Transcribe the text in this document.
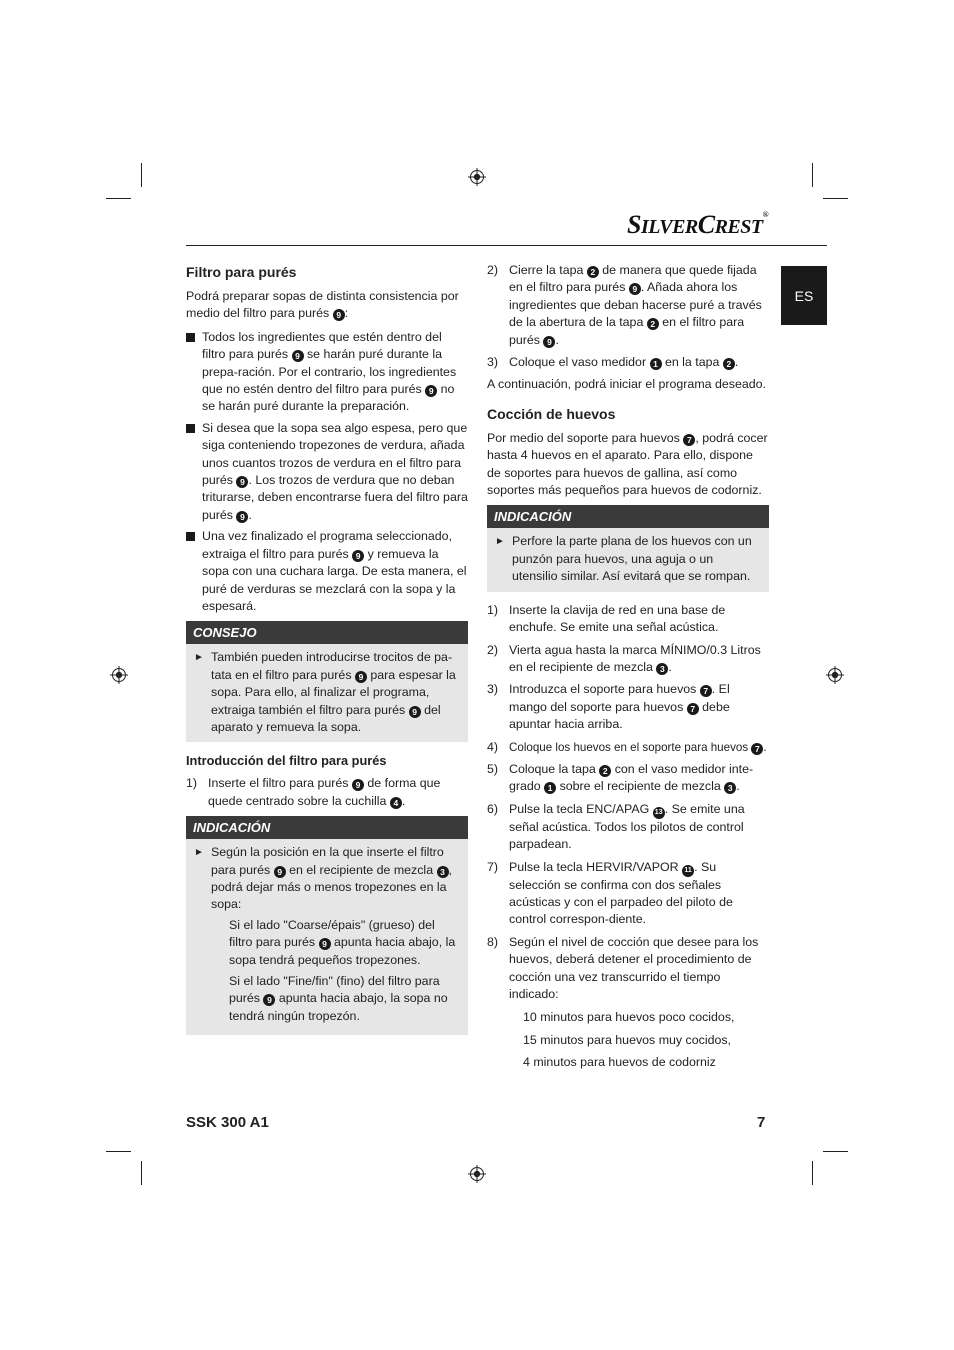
SILVERCREST®
ES
Filtro para purés

Podrá preparar sopas de distinta consistencia por medio del filtro para purés 9 :

Todos los ingredientes que estén dentro del filtro para purés 9 se harán puré durante la prepa-ración. Por el contrario, los ingredientes que no estén dentro del filtro para purés 9 no se harán puré durante la preparación.
Si desea que la sopa sea algo espesa, pero que siga conteniendo tropezones de verdura, añada unos cuantos trozos de verdura en el filtro para purés 9 . Los trozos de verdura que no deban triturarse, deben encontrarse fuera del filtro para purés 9 .
Una vez finalizado el programa seleccionado, extraiga el filtro para purés 9 y remueva la sopa con una cuchara larga. De esta manera, el puré de verduras se mezclará con la sopa y la espesará.
CONSEJO
► También pueden introducirse trocitos de pa-tata en el filtro para purés 9 para espesar la sopa. Para ello, al finalizar el programa, extraiga también el filtro para purés 9 del aparato y remueva la sopa.
Introducción del filtro para purés
1) Inserte el filtro para purés 9 de forma que quede centrado sobre la cuchilla 4 .
INDICACIÓN
► Según la posición en la que inserte el filtro para purés 9 en el recipiente de mezcla 3 , podrá dejar más o menos tropezones en la sopa:
Si el lado "Coarse/épais" (grueso) del filtro para purés 9 apunta hacia abajo, la sopa tendrá pequeños tropezones.
Si el lado "Fine/fin" (fino) del filtro para purés 9 apunta hacia abajo, la sopa no tendrá ningún tropezón.
2) Cierre la tapa 2 de manera que quede fijada en el filtro para purés 9 . Añada ahora los ingredientes que deban hacerse puré a través de la abertura de la tapa 2 en el filtro para purés 9 .
3) Coloque el vaso medidor 1 en la tapa 2 .

A continuación, podrá iniciar el programa deseado.

Cocción de huevos

Por medio del soporte para huevos 7 , podrá cocer hasta 4 huevos en el aparato. Para ello, dispone de soportes para huevos de gallina, así como soportes más pequeños para huevos de codorniz.

INDICACIÓN
► Perfore la parte plana de los huevos con un punzón para huevos, una aguja o un utensilio similar. Así evitará que se rompan.
1) Inserte la clavija de red en una base de enchufe. Se emite una señal acústica.
2) Vierta agua hasta la marca MÍNIMO/0.3 Litros en el recipiente de mezcla 3 .
3) Introduzca el soporte para huevos 7 . El mango del soporte para huevos 7 debe apuntar hacia arriba.
4) Coloque los huevos en el soporte para huevos 7 .
5) Coloque la tapa 2 con el vaso medidor inte-grado 1 sobre el recipiente de mezcla 3 .
6) Pulse la tecla ENC/APAG 13 . Se emite una señal acústica. Todos los pilotos de control parpadean.
7) Pulse la tecla HERVIR/VAPOR 11 . Su selección se confirma con dos señales acústicas y con el parpadeo del piloto de control correspon-diente.
8) Según el nivel de cocción que desee para los huevos, deberá detener el procedimiento de cocción una vez transcurrido el tiempo indicado:
10 minutos para huevos poco cocidos,
15 minutos para huevos muy cocidos,
4 minutos para huevos de codorniz
SSK 300 A1	7
